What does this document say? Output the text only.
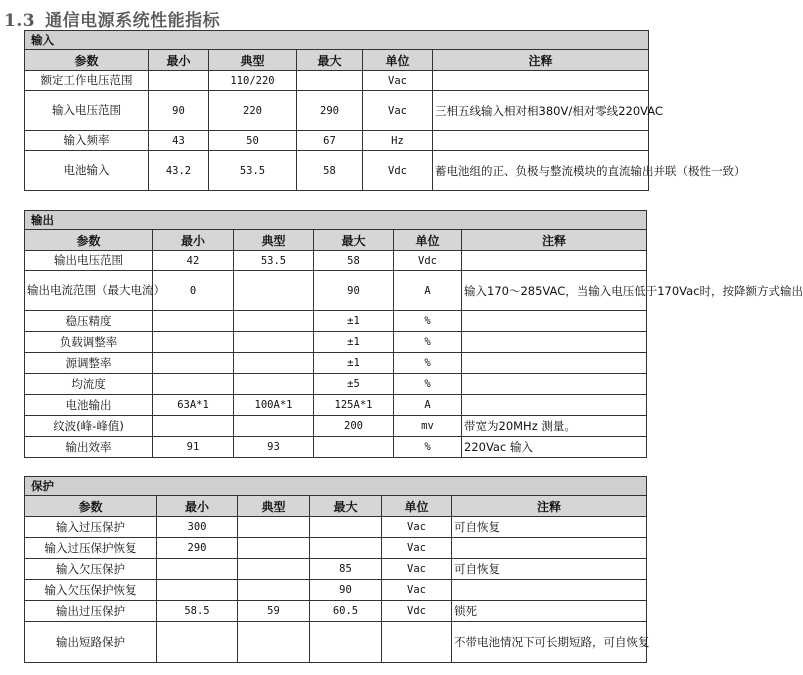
1.3 通信电源系统性能指标
输入					
参数	最小	典型	最大	单位	注释
额定工作电压范围		110/220		Vac	
输入电压范围	90	220	290	Vac	三相五线输入相对相380V/相对零线220VAC
输入频率	43	50	67	Hz	
电池输入	43.2	53.5	58	Vdc	蓄电池组的正、负极与整流模块的直流输出并联（极性一致）
输出					
参数	最小	典型	最大	单位	注释
输出电压范围	42	53.5	58	Vdc	
输出电流范围（最大电流）	0		90	A	输入170～285VAC，当输入电压低于170Vac时，按降额方式输出
稳压精度			±1	%	
负载调整率			±1	%	
源调整率			±1	%	
均流度			±5	%	
电池输出	63A*1	100A*1	125A*1	A	
纹波(峰-峰值)			200	mv	带宽为20MHz 测量。
输出效率	91	93		%	220Vac 输入
保护					
参数	最小	典型	最大	单位	注释
输入过压保护	300			Vac	可自恢复
输入过压保护恢复	290			Vac	
输入欠压保护			85	Vac	可自恢复
输入欠压保护恢复			90	Vac	
输出过压保护	58.5	59	60.5	Vdc	锁死
输出短路保护					不带电池情况下可长期短路，可自恢复
